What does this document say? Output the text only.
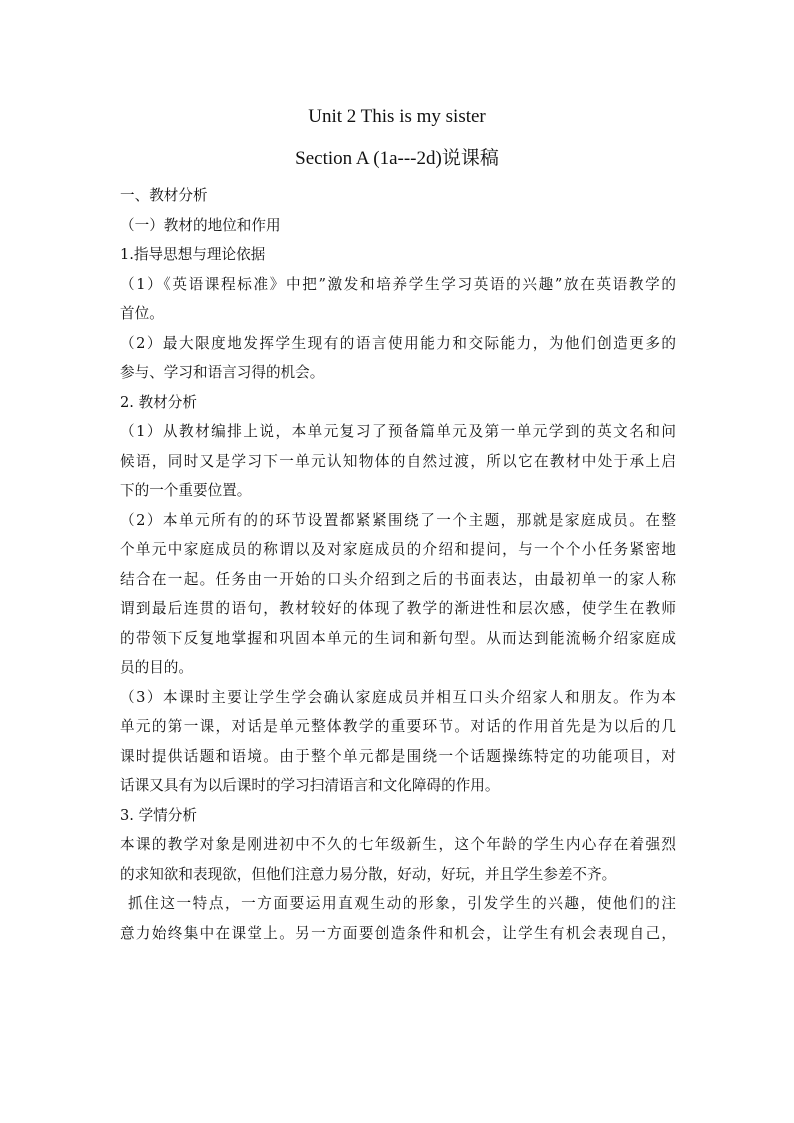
Unit 2 This is my sister
Section A (1a---2d)说课稿
一、教材分析
（一）教材的地位和作用
1.指导思想与理论依据
（1）《英语课程标准》中把”激发和培养学生学习英语的兴趣”放在英语教学的
首位。
（2）最大限度地发挥学生现有的语言使用能力和交际能力，为他们创造更多的
参与、学习和语言习得的机会。
2. 教材分析
（1）从教材编排上说，本单元复习了预备篇单元及第一单元学到的英文名和问
候语，同时又是学习下一单元认知物体的自然过渡，所以它在教材中处于承上启
下的一个重要位置。
（2）本单元所有的的环节设置都紧紧围绕了一个主题，那就是家庭成员。在整
个单元中家庭成员的称谓以及对家庭成员的介绍和提问，与一个个小任务紧密地
结合在一起。任务由一开始的口头介绍到之后的书面表达，由最初单一的家人称
谓到最后连贯的语句，教材较好的体现了教学的渐进性和层次感，使学生在教师
的带领下反复地掌握和巩固本单元的生词和新句型。从而达到能流畅介绍家庭成
员的目的。
（3）本课时主要让学生学会确认家庭成员并相互口头介绍家人和朋友。作为本
单元的第一课，对话是单元整体教学的重要环节。对话的作用首先是为以后的几
课时提供话题和语境。由于整个单元都是围绕一个话题操练特定的功能项目，对
话课又具有为以后课时的学习扫清语言和文化障碍的作用。
3. 学情分析
本课的教学对象是刚进初中不久的七年级新生，这个年龄的学生内心存在着强烈
的求知欲和表现欲，但他们注意力易分散，好动，好玩，并且学生参差不齐。
抓住这一特点，一方面要运用直观生动的形象，引发学生的兴趣，使他们的注
意力始终集中在课堂上。另一方面要创造条件和机会，让学生有机会表现自己，
